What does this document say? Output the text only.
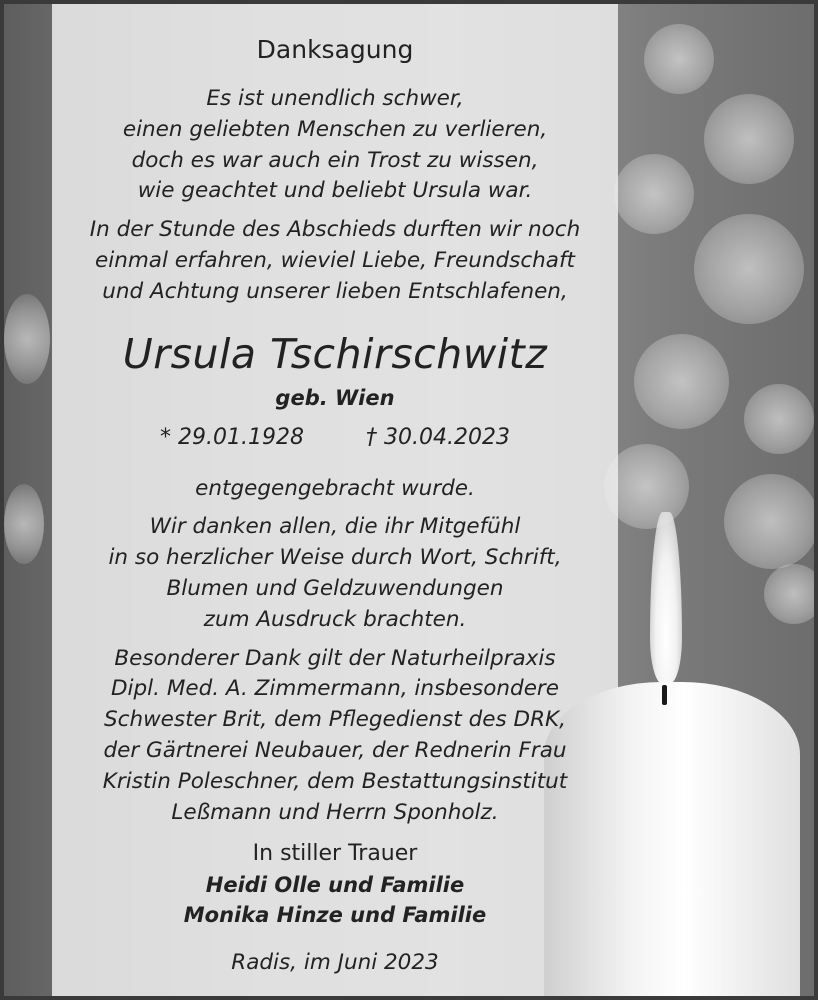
Danksagung

Es ist unendlich schwer,
einen geliebten Menschen zu verlieren,
doch es war auch ein Trost zu wissen,
wie geachtet und beliebt Ursula war.

In der Stunde des Abschieds durften wir noch
einmal erfahren, wieviel Liebe, Freundschaft
und Achtung unserer lieben Entschlafenen,

Ursula Tschirschwitz
geb. Wien
* 29.01.1928	† 30.04.2023

entgegengebracht wurde.

Wir danken allen, die ihr Mitgefühl
in so herzlicher Weise durch Wort, Schrift,
Blumen und Geldzuwendungen
zum Ausdruck brachten.

Besonderer Dank gilt der Naturheilpraxis
Dipl. Med. A. Zimmermann, insbesondere
Schwester Brit, dem Pflegedienst des DRK,
der Gärtnerei Neubauer, der Rednerin Frau
Kristin Poleschner, dem Bestattungsinstitut
Leßmann und Herrn Sponholz.

In stiller Trauer
Heidi Olle und Familie
Monika Hinze und Familie
Radis, im Juni 2023
